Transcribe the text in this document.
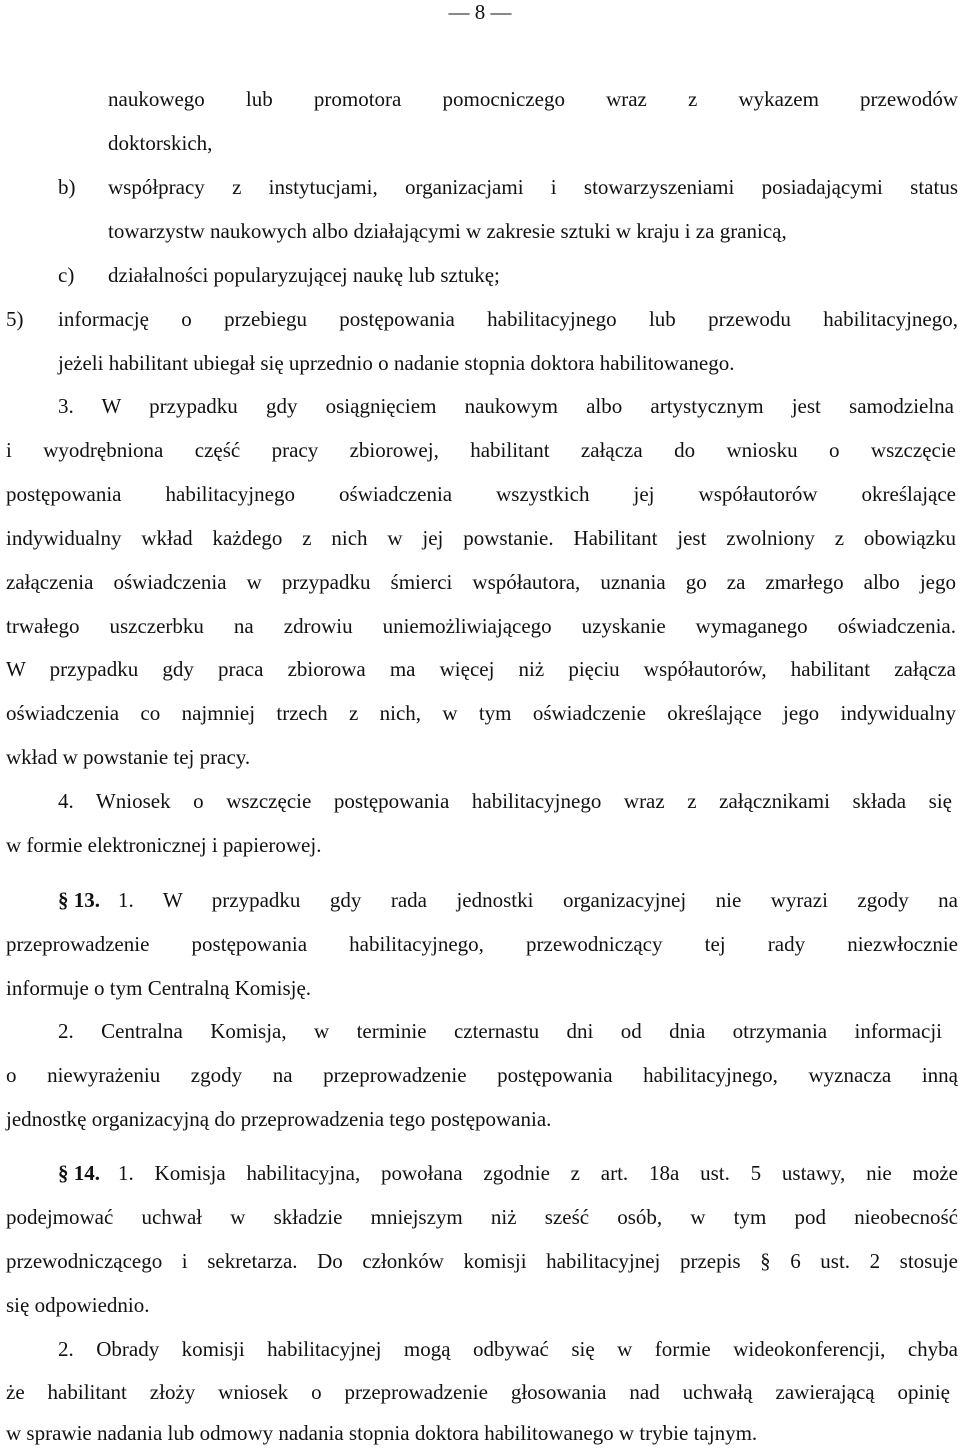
— 8 —
naukowego lub promotora pomocniczego wraz z wykazem przewodów
doktorskich,
b) współpracy z instytucjami, organizacjami i stowarzyszeniami posiadającymi status
towarzystw naukowych albo działającymi w zakresie sztuki w kraju i za granicą,
c) działalności popularyzującej naukę lub sztukę;
5) informację o przebiegu postępowania habilitacyjnego lub przewodu habilitacyjnego,
jeżeli habilitant ubiegał się uprzednio o nadanie stopnia doktora habilitowanego.
3. W przypadku gdy osiągnięciem naukowym albo artystycznym jest samodzielna
i wyodrębniona część pracy zbiorowej, habilitant załącza do wniosku o wszczęcie
postępowania habilitacyjnego oświadczenia wszystkich jej współautorów określające
indywidualny wkład każdego z nich w jej powstanie. Habilitant jest zwolniony z obowiązku
załączenia oświadczenia w przypadku śmierci współautora, uznania go za zmarłego albo jego
trwałego uszczerbku na zdrowiu uniemożliwiającego uzyskanie wymaganego oświadczenia.
W przypadku gdy praca zbiorowa ma więcej niż pięciu współautorów, habilitant załącza
oświadczenia co najmniej trzech z nich, w tym oświadczenie określające jego indywidualny
wkład w powstanie tej pracy.
4. Wniosek o wszczęcie postępowania habilitacyjnego wraz z załącznikami składa się
w formie elektronicznej i papierowej.
§ 13. 1. W przypadku gdy rada jednostki organizacyjnej nie wyrazi zgody na
przeprowadzenie postępowania habilitacyjnego, przewodniczący tej rady niezwłocznie
informuje o tym Centralną Komisję.
2. Centralna Komisja, w terminie czternastu dni od dnia otrzymania informacji
o niewyrażeniu zgody na przeprowadzenie postępowania habilitacyjnego, wyznacza inną
jednostkę organizacyjną do przeprowadzenia tego postępowania.
§ 14. 1. Komisja habilitacyjna, powołana zgodnie z art. 18a ust. 5 ustawy, nie może
podejmować uchwał w składzie mniejszym niż sześć osób, w tym pod nieobecność
przewodniczącego i sekretarza. Do członków komisji habilitacyjnej przepis § 6 ust. 2 stosuje
się odpowiednio.
2. Obrady komisji habilitacyjnej mogą odbywać się w formie wideokonferencji, chyba
że habilitant złoży wniosek o przeprowadzenie głosowania nad uchwałą zawierającą opinię
w sprawie nadania lub odmowy nadania stopnia doktora habilitowanego w trybie tajnym.
